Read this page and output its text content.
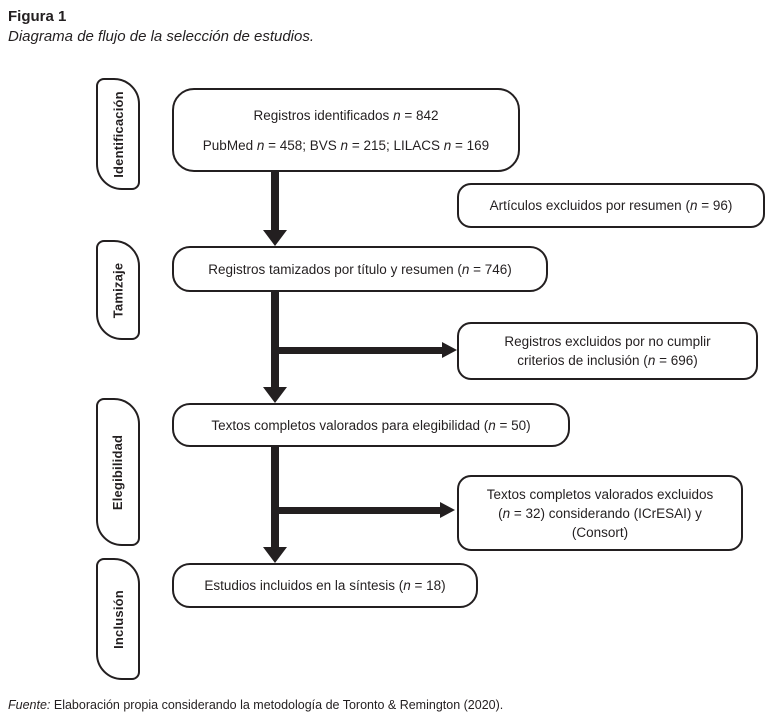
Figura 1
Diagrama de flujo de la selección de estudios.
Identificación
Tamizaje
Elegibilidad
Inclusión
Registros identificados n = 842
PubMed n = 458; BVS n = 215; LILACS n = 169
Registros tamizados por título y resumen (n = 746)
Textos completos valorados para elegibilidad (n = 50)
Estudios incluidos en la síntesis (n = 18)
Artículos excluidos por resumen (n = 96)
Registros excluidos por no cumplir
criterios de inclusión (n = 696)
Textos completos valorados excluidos
(n = 32) considerando (ICrESAI) y
(Consort)
Fuente: Elaboración propia considerando la metodología de Toronto & Remington (2020).
